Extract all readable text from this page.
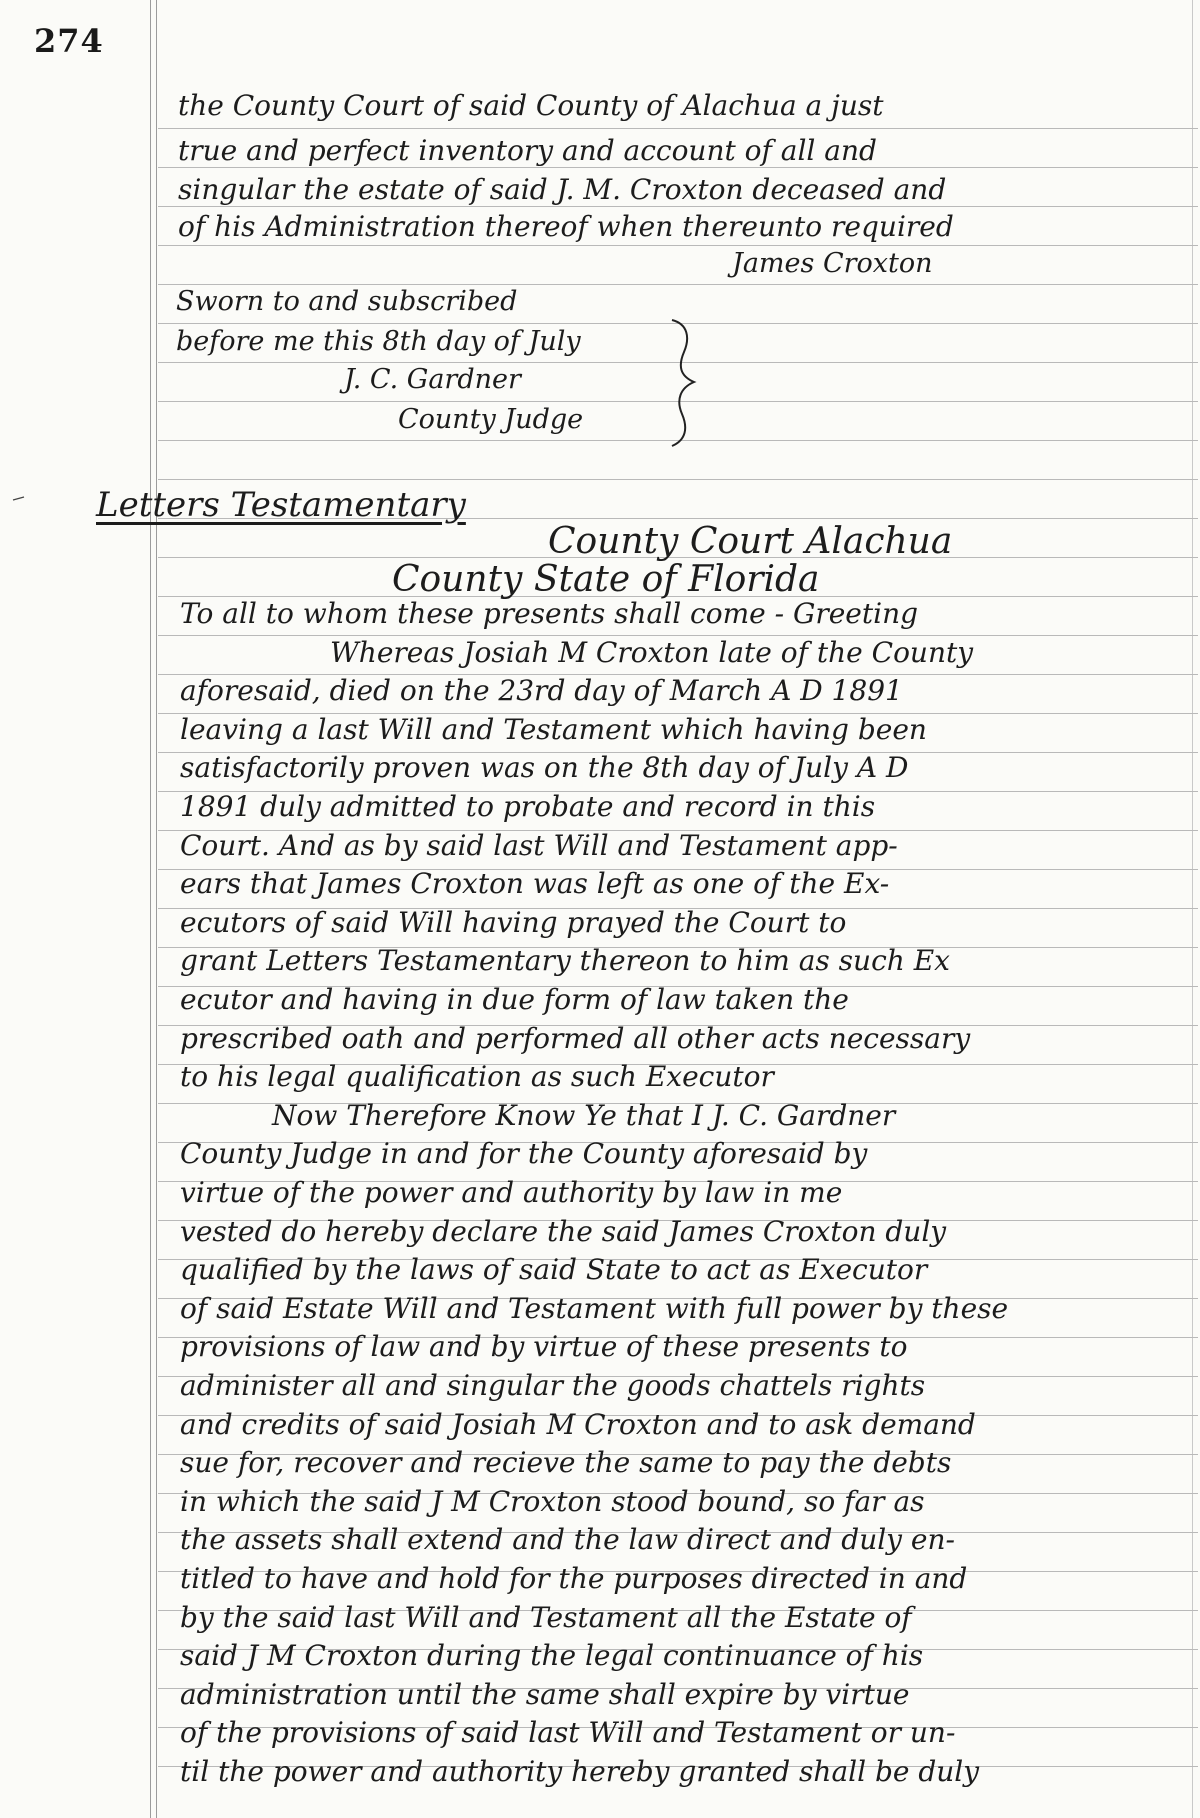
274
the County Court of said County of Alachua a just
true and perfect inventory and account of all and
singular the estate of said J. M. Croxton deceased and
of his Administration thereof when thereunto required
James Croxton
Sworn to and subscribed
before me this 8th day of July
J. C. Gardner
County Judge
Letters Testamentary
County Court Alachua
County State of Florida
To all to whom these presents shall come - Greeting
Whereas Josiah M Croxton late of the County
aforesaid, died on the 23rd day of March A D 1891
leaving a last Will and Testament which having been
satisfactorily proven was on the 8th day of July A D
1891 duly admitted to probate and record in this
Court. And as by said last Will and Testament app-
ears that James Croxton was left as one of the Ex-
ecutors of said Will having prayed the Court to
grant Letters Testamentary thereon to him as such Ex
ecutor and having in due form of law taken the
prescribed oath and performed all other acts necessary
to his legal qualification as such Executor
Now Therefore Know Ye that I J. C. Gardner
County Judge in and for the County aforesaid by
virtue of the power and authority by law in me
vested do hereby declare the said James Croxton duly
qualified by the laws of said State to act as Executor
of said Estate Will and Testament with full power by these
provisions of law and by virtue of these presents to
administer all and singular the goods chattels rights
and credits of said Josiah M Croxton and to ask demand
sue for, recover and recieve the same to pay the debts
in which the said J M Croxton stood bound, so far as
the assets shall extend and the law direct and duly en-
titled to have and hold for the purposes directed in and
by the said last Will and Testament all the Estate of
said J M Croxton during the legal continuance of his
administration until the same shall expire by virtue
of the provisions of said last Will and Testament or un-
til the power and authority hereby granted shall be duly
